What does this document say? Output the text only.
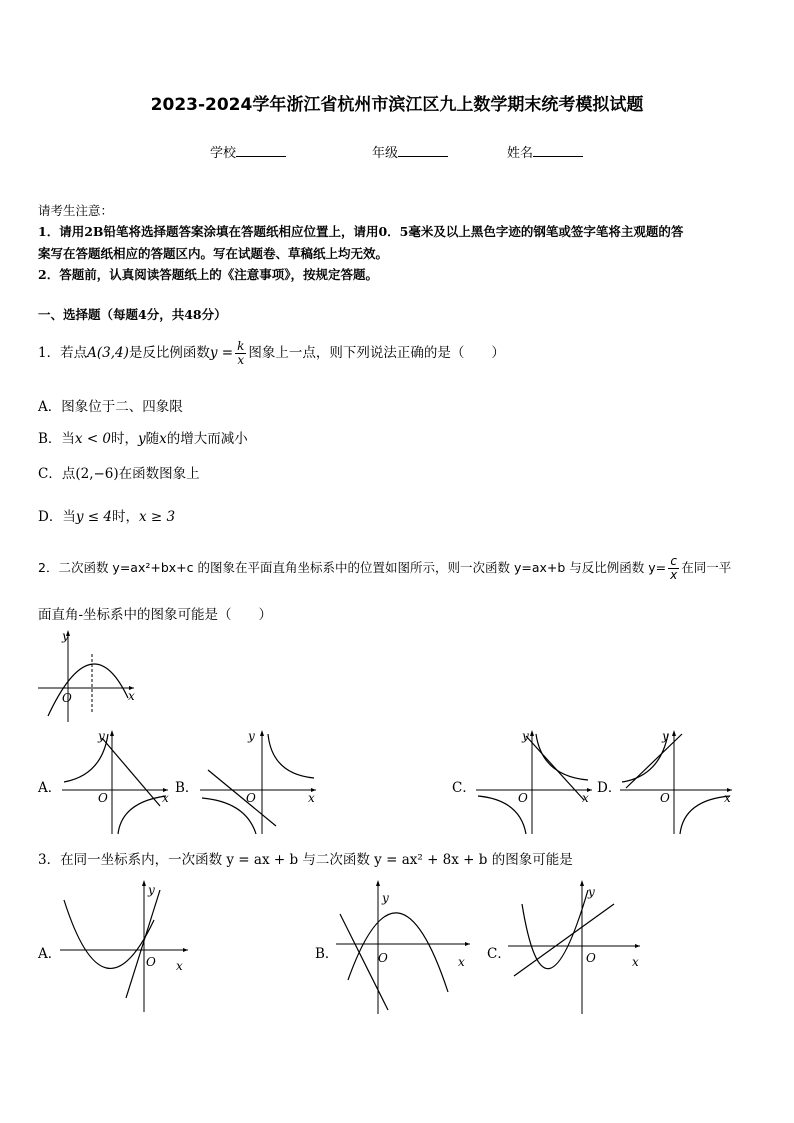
2023-2024学年浙江省杭州市滨江区九上数学期末统考模拟试题
学校	年级	姓名
请考生注意：
1．请用2B铅笔将选择题答案涂填在答题纸相应位置上，请用0．5毫米及以上黑色字迹的钢笔或签字笔将主观题的答
案写在答题纸相应的答题区内。写在试题卷、草稿纸上均无效。
2．答题前，认真阅读答题纸上的《注意事项》，按规定答题。
一、选择题（每题4分，共48分）
1．若点A(3,4)是反比例函数$y = \frac{k}{x}$ 图象上一点，则下列说法正确的是（　　）
A．图象位于二、四象限
B．当x < 0时，y随x的增大而减小
C．点(2,−6)在函数图象上
D．当y ≤ 4时，x ≥ 3
2．二次函数 y=ax²+bx+c 的图象在平面直角坐标系中的位置如图所示，则一次函数 y=ax+b 与反比例函数 $y= \frac{c}{x}$ 在同一平
面直角-坐标系中的图象可能是（　　）
y
O	x
A．
y
O	x
B．
y
O	x
C．
y
O	x
D．
y
O	x
3．在同一坐标系内，一次函数 y = ax + b 与二次函数 y = ax² + 8x + b 的图象可能是
A．
y
O x
B．
y
O	x C．
y
O	x
